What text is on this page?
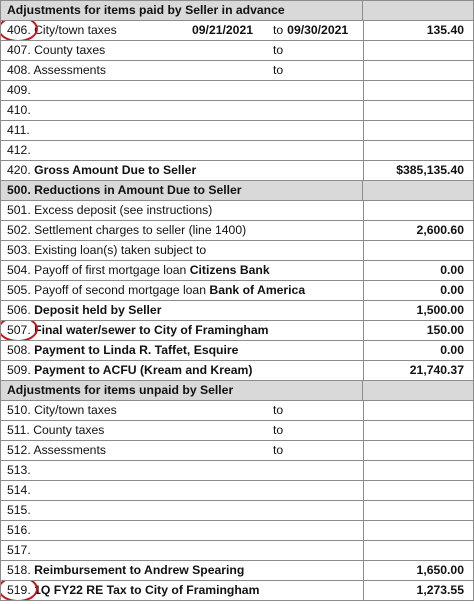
Adjustments for items paid by Seller in advance
406. City/town taxes	09/21/2021 to 09/30/2021	135.40
407. County taxes	to
408. Assessments	to
409.
410.
411.
412.
420. Gross Amount Due to Seller	$385,135.40
500. Reductions in Amount Due to Seller
501. Excess deposit (see instructions)
502. Settlement charges to seller (line 1400)	2,600.60
503. Existing loan(s) taken subject to
504. Payoff of first mortgage loan Citizens Bank	0.00
505. Payoff of second mortgage loan Bank of America	0.00
506. Deposit held by Seller	1,500.00
507. Final water/sewer to City of Framingham	150.00
508. Payment to Linda R. Taffet, Esquire	0.00
509. Payment to ACFU (Kream and Kream)	21,740.37
Adjustments for items unpaid by Seller
510. City/town taxes	to
511. County taxes	to
512. Assessments	to
513.
514.
515.
516.
517.
518. Reimbursement to Andrew Spearing	1,650.00
519. 1Q FY22 RE Tax to City of Framingham	1,273.55
